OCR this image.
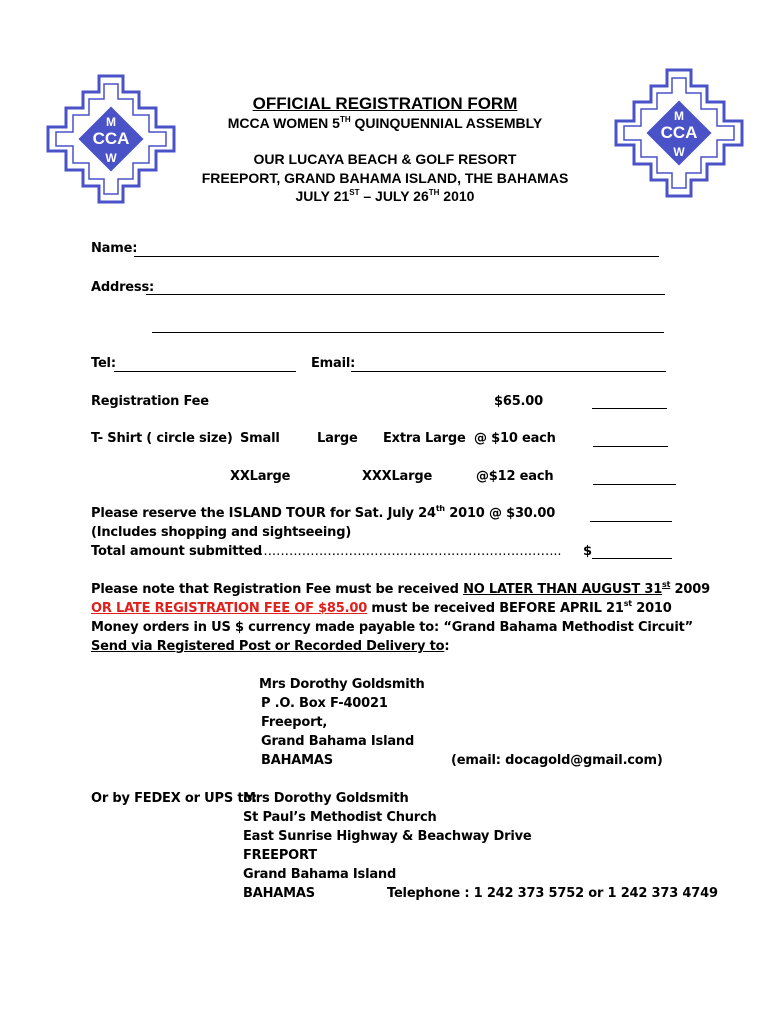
CCA
M
W
CCA
M
W
OFFICIAL REGISTRATION FORM
MCCA WOMEN 5TH QUINQUENNIAL ASSEMBLY
OUR LUCAYA BEACH & GOLF RESORT
FREEPORT, GRAND BAHAMA ISLAND, THE BAHAMAS
JULY 21ST – JULY 26TH 2010
Name:
Address:
Tel:	Email:
Registration Fee	$65.00
T- Shirt ( circle size) Small	Large Extra Large @ $10 each
XXLarge	XXXLarge	@$12 each
Please reserve the ISLAND TOUR for Sat. July 24th 2010 @ $30.00
(Includes shopping and sightseeing)
Total amount submitted
…………………………………………………………….. $
Please note that Registration Fee must be received NO LATER THAN AUGUST 31st 2009
OR LATE REGISTRATION FEE OF $85.00 must be received BEFORE APRIL 21st 2010
Money orders in US $ currency made payable to: “Grand Bahama Methodist Circuit”
Send via Registered Post or Recorded Delivery to:
Mrs Dorothy Goldsmith
P .O. Box F-40021
Freeport,
Grand Bahama Island
BAHAMAS	(email: docagold@gmail.com)
Or by FEDEX or UPS to:
Mrs Dorothy Goldsmith
St Paul’s Methodist Church
East Sunrise Highway & Beachway Drive
FREEPORT
Grand Bahama Island
BAHAMAS	Telephone : 1 242 373 5752 or 1 242 373 4749
